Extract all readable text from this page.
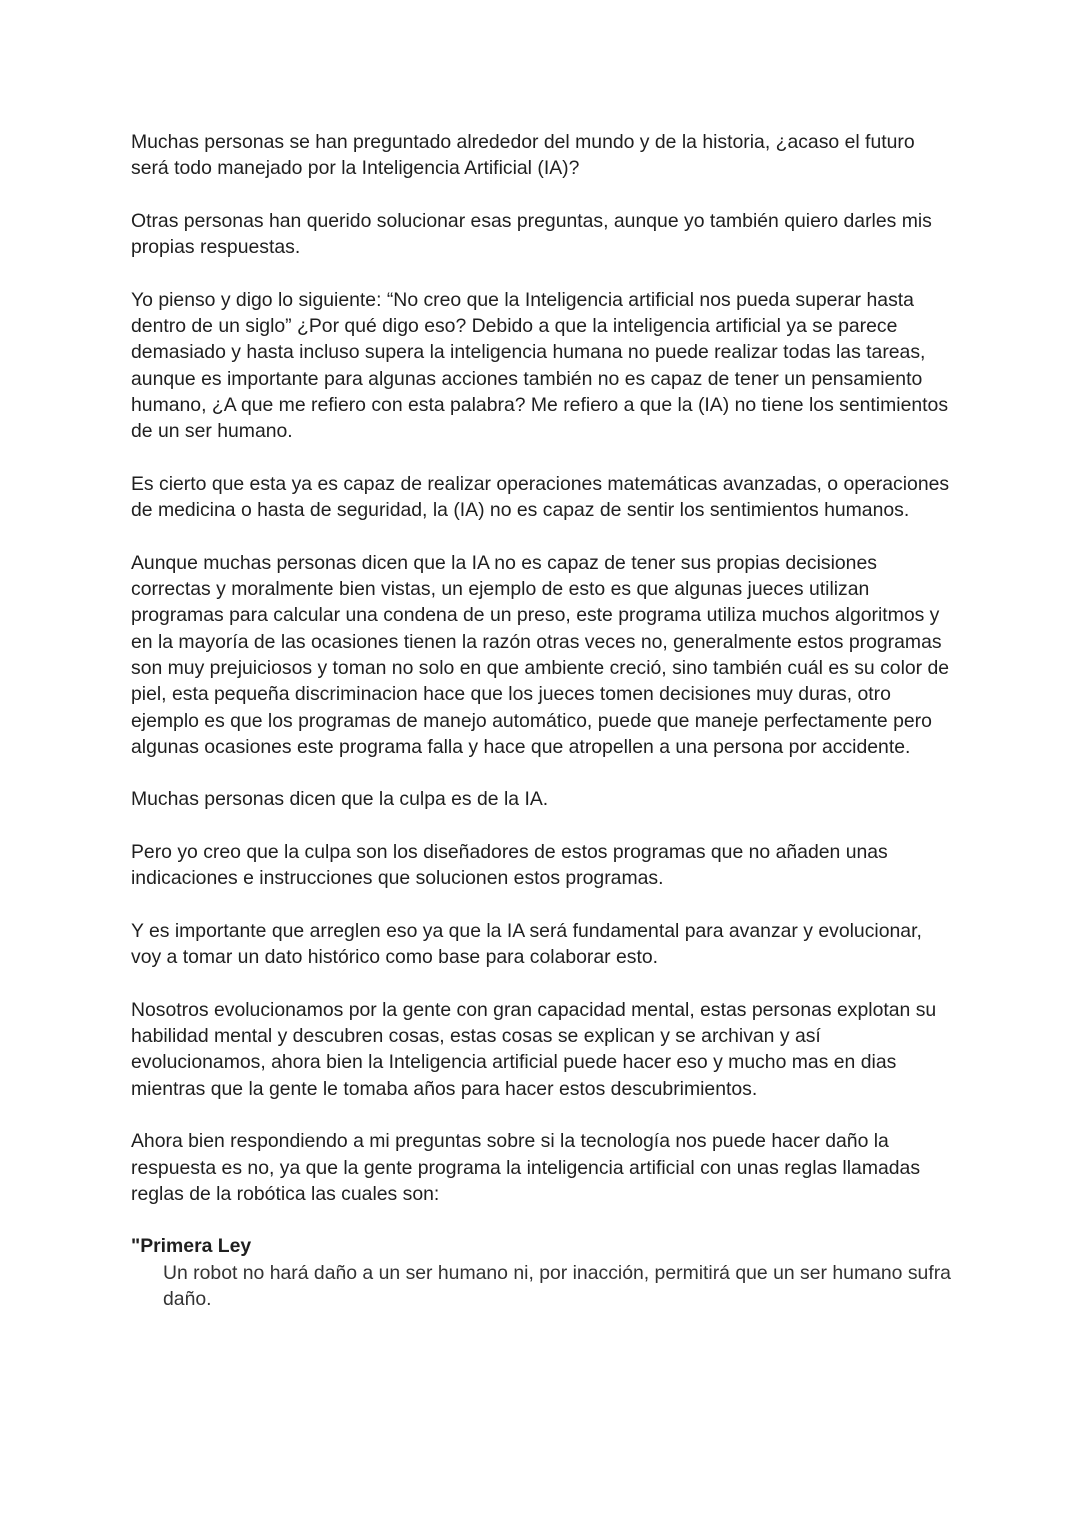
Muchas personas se han preguntado alrededor del mundo y de la historia, ¿acaso el futuro será todo manejado por la Inteligencia Artificial (IA)?

Otras personas han querido solucionar esas preguntas, aunque yo también quiero darles mis propias respuestas.

Yo pienso y digo lo siguiente: “No creo que la Inteligencia artificial nos pueda superar hasta dentro de un siglo” ¿Por qué digo eso? Debido a que la inteligencia artificial ya se parece demasiado y hasta incluso supera la inteligencia humana no puede realizar todas las tareas, aunque es importante para algunas acciones también no es capaz de tener un pensamiento humano, ¿A que me refiero con esta palabra? Me refiero a que la (IA) no tiene los sentimientos de un ser humano.

Es cierto que esta ya es capaz de realizar operaciones matemáticas avanzadas, o operaciones de medicina o hasta de seguridad, la (IA) no es capaz de sentir los sentimientos humanos.

Aunque muchas personas dicen que la IA no es capaz de tener sus propias decisiones correctas y moralmente bien vistas, un ejemplo de esto es que algunas jueces utilizan programas para calcular una condena de un preso, este programa utiliza muchos algoritmos y en la mayoría de las ocasiones tienen la razón otras veces no, generalmente estos programas son muy prejuiciosos y toman no solo en que ambiente creció, sino también cuál es su color de piel, esta pequeña discriminacion hace que los jueces tomen decisiones muy duras, otro ejemplo es que los programas de manejo automático, puede que maneje perfectamente pero algunas ocasiones este programa falla y hace que atropellen a una persona por accidente.

Muchas personas dicen que la culpa es de la IA.

Pero yo creo que la culpa son los diseñadores de estos programas que no añaden unas indicaciones e instrucciones que solucionen estos programas.

Y es importante que arreglen eso ya que la IA será fundamental para avanzar y evolucionar, voy a tomar un dato histórico como base para colaborar esto.

Nosotros evolucionamos por la gente con gran capacidad mental, estas personas explotan su habilidad mental y descubren cosas, estas cosas se explican y se archivan y así evolucionamos, ahora bien la Inteligencia artificial puede hacer eso y mucho mas en dias mientras que la gente le tomaba años para hacer estos descubrimientos.

Ahora bien respondiendo a mi preguntas sobre si la tecnología nos puede hacer daño la respuesta es no, ya que la gente programa la inteligencia artificial con unas reglas llamadas reglas de la robótica las cuales son:

"Primera Ley

Un robot no hará daño a un ser humano ni, por inacción, permitirá que un ser humano sufra daño.
